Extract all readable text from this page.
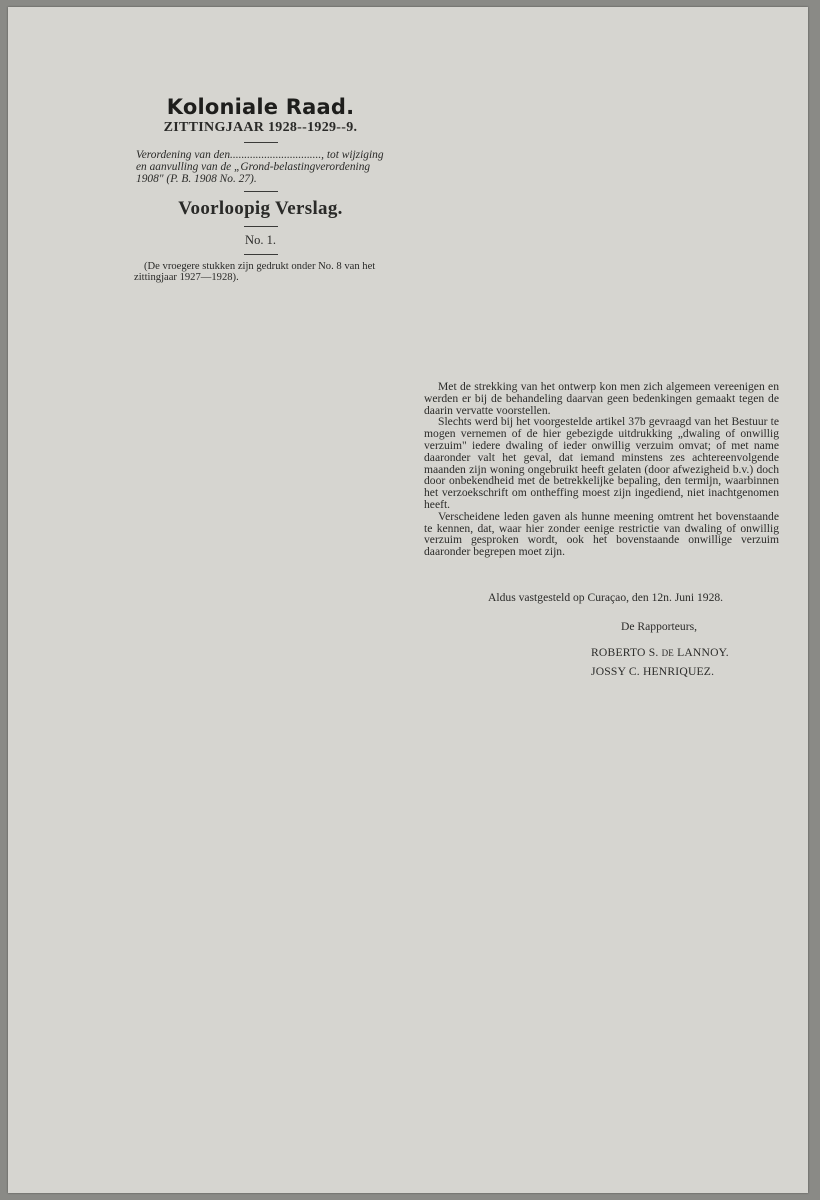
Koloniale Raad.
ZITTINGJAAR 1928--1929--9.
Verordening van den................................, tot wijziging en aanvulling van de „Grond-belastingverordening 1908" (P. B. 1908 No. 27).
Voorloopig Verslag.
No. 1.
(De vroegere stukken zijn gedrukt onder No. 8 van het zittingjaar 1927—1928).

Met de strekking van het ontwerp kon men zich algemeen vereenigen en werden er bij de behandeling daarvan geen bedenkingen gemaakt tegen de daarin vervatte voorstellen.

Slechts werd bij het voorgestelde artikel 37b gevraagd van het Bestuur te mogen vernemen of de hier gebezigde uitdrukking „dwaling of onwillig verzuim" iedere dwaling of ieder onwillig verzuim omvat; of met name daaronder valt het geval, dat iemand minstens zes achtereenvolgende maanden zijn woning ongebruikt heeft gelaten (door afwezigheid b.v.) doch door onbekendheid met de betrekkelijke bepaling, den termijn, waarbinnen het verzoekschrift om ontheffing moest zijn ingediend, niet inachtgenomen heeft.

Verscheidene leden gaven als hunne meening omtrent het bovenstaande te kennen, dat, waar hier zonder eenige restrictie van dwaling of onwillig verzuim gesproken wordt, ook het bovenstaande onwillige verzuim daaronder begrepen moet zijn.

Aldus vastgesteld op Curaçao, den 12n. Juni 1928.
De Rapporteurs,
ROBERTO S. DE LANNOY.
JOSSY C. HENRIQUEZ.
